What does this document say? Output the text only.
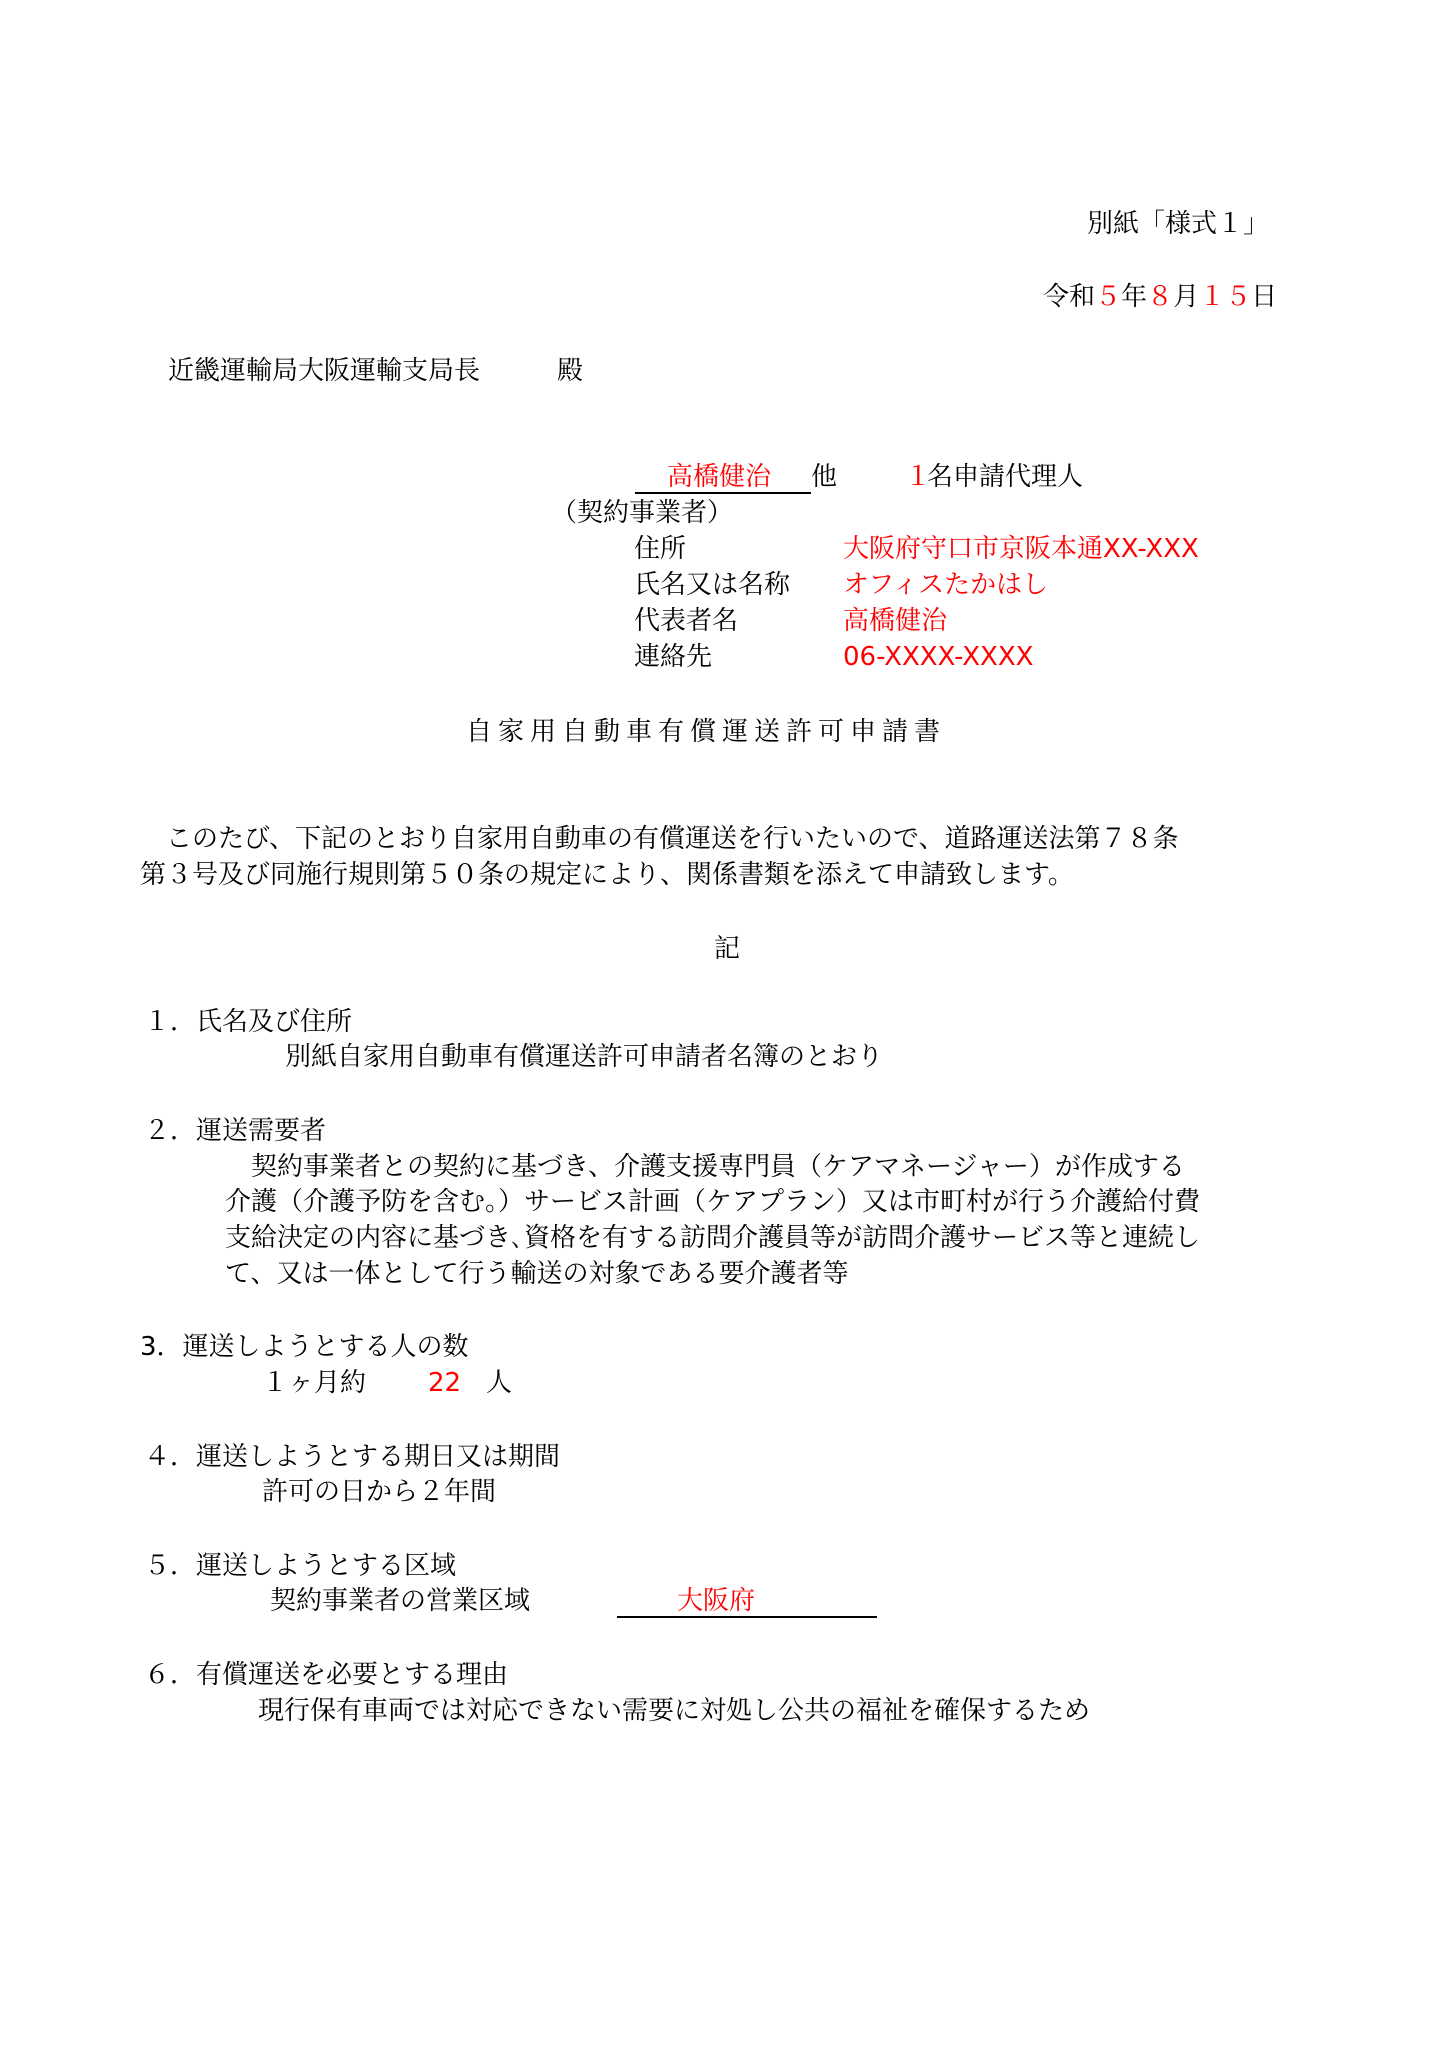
別紙「様式１」
令和５年８月１５日
近畿運輸局大阪運輸支局長	殿
高橋健治 他	１
名申請代理人
（契約事業者）
住所	大阪府守口市京阪本通XX-XXX
氏名又は名称 オフィスたかはし
代表者名	高橋健治
連絡先	06-XXXX-XXXX
自家用自動車有償運送許可申請書
　このたび、下記のとおり自家用自動車の有償運送を行いたいので、道路運送法第７８条
第３号及び同施行規則第５０条の規定により、関係書類を添えて申請致します。
記
１．氏名及び住所
別紙自家用自動車有償運送許可申請者名簿のとおり
２．運送需要者
　契約事業者との契約に基づき、介護支援専門員（ケアマネージャー）が作成する
介護（介護予防を含む。）サービス計画（ケアプラン）又は市町村が行う介護給付費
支給決定の内容に基づき､資格を有する訪問介護員等が訪問介護サービス等と連続し
て、又は一体として行う輸送の対象である要介護者等
3．運送しようとする人の数
１ヶ月約 22 人
４．運送しようとする期日又は期間
許可の日から２年間
５．運送しようとする区域
契約事業者の営業区域	大阪府
６．有償運送を必要とする理由
現行保有車両では対応できない需要に対処し公共の福祉を確保するため
